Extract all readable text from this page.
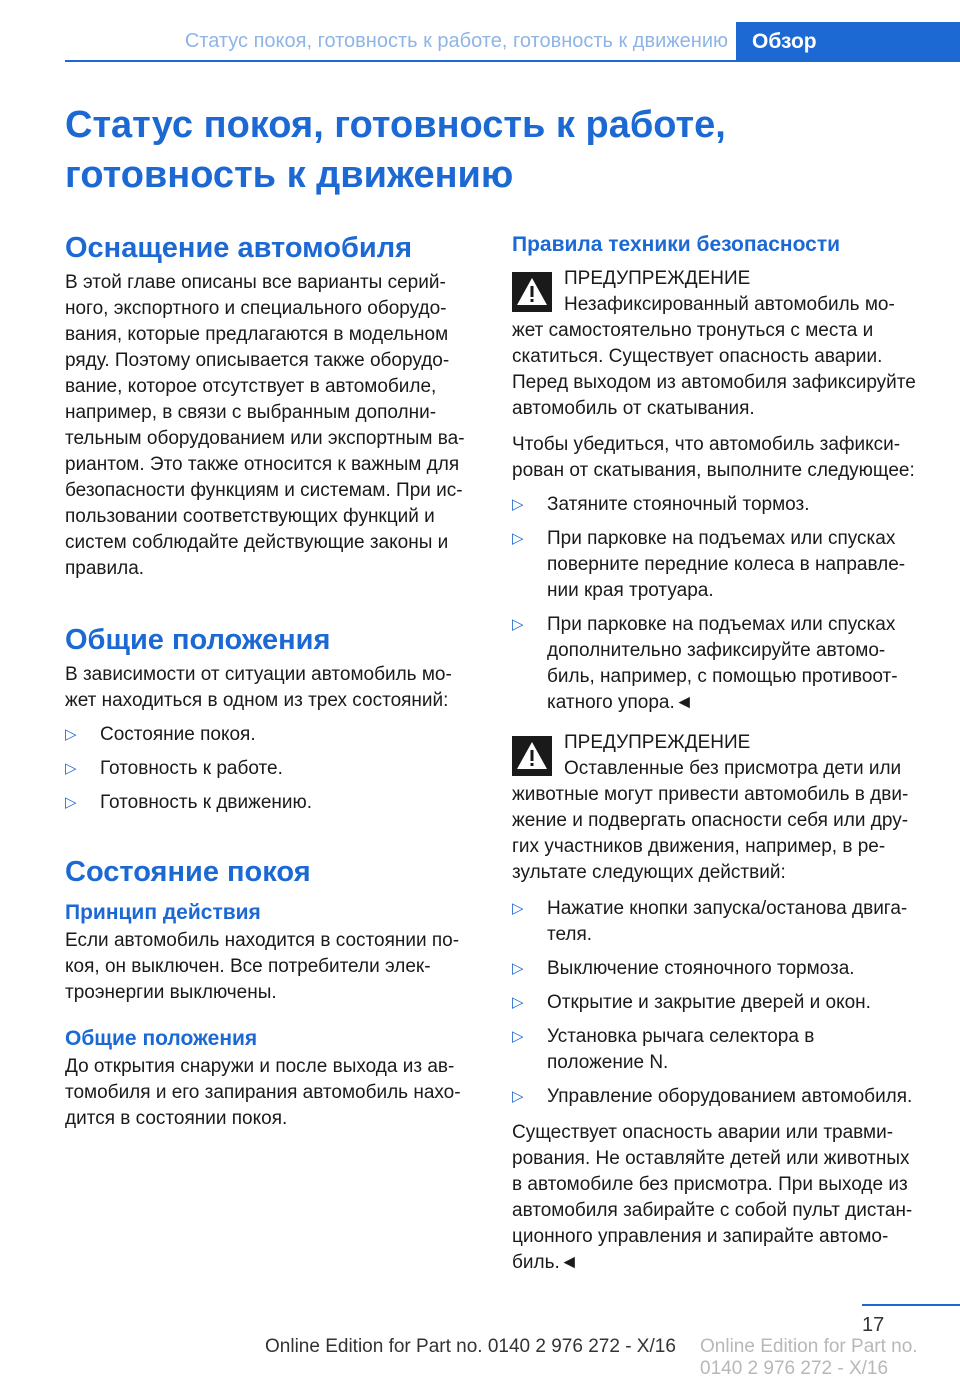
Статус покоя, готовность к работе, готовность к движению	Обзор
Статус покоя, готовность к работе,
готовность к движению
Оснащение автомобиля

В этой главе описаны все варианты серий-

ного, экспортного и специального оборудо-

вания, которые предлагаются в модельном

ряду. Поэтому описывается также оборудо-

вание, которое отсутствует в автомобиле,

например, в связи с выбранным дополни-

тельным оборудованием или экспортным ва-

риантом. Это также относится к важным для

безопасности функциям и системам. При ис-

пользовании соответствующих функций и

систем соблюдайте действующие законы и

правила.

Общие положения

В зависимости от ситуации автомобиль мо-

жет находиться в одном из трех состояний:

▷ Состояние покоя.
▷ Готовность к работе.
▷ Готовность к движению.
Состояние покоя
Принцип действия

Если автомобиль находится в состоянии по-

коя, он выключен. Все потребители элек-

троэнергии выключены.

Общие положения

До открытия снаружи и после выхода из ав-

томобиля и его запирания автомобиль нахо-

дится в состоянии покоя.

Правила техники безопасности

ПРЕДУПРЕЖДЕНИЕ

Незафиксированный автомобиль мо-

жет самостоятельно тронуться с места и

скатиться. Существует опасность аварии.

Перед выходом из автомобиля зафиксируйте

автомобиль от скатывания.

Чтобы убедиться, что автомобиль зафикси-

рован от скатывания, выполните следующее:

▷ Затяните стояночный тормоз.
▷ При парковке на подъемах или спусках
поверните передние колеса в направле-
нии края тротуара.
▷ При парковке на подъемах или спусках
дополнительно зафиксируйте автомо-
биль, например, с помощью противоот-
катного упора.◄

ПРЕДУПРЕЖДЕНИЕ

Оставленные без присмотра дети или

животные могут привести автомобиль в дви-

жение и подвергать опасности себя или дру-

гих участников движения, например, в ре-

зультате следующих действий:

▷ Нажатие кнопки запуска/останова двига-
теля.
▷ Выключение стояночного тормоза.
▷ Открытие и закрытие дверей и окон.
▷ Установка рычага селектора в
положение N.
▷ Управление оборудованием автомобиля.

Существует опасность аварии или травми-

рования. Не оставляйте детей или животных

в автомобиле без присмотра. При выходе из

автомобиля забирайте с собой пульт дистан-

ционного управления и запирайте автомо-

биль.◄

17
Online Edition for Part no. 0140 2 976 272 - X/16 Online Edition for Part no. 0140 2 976 272 - X/16
